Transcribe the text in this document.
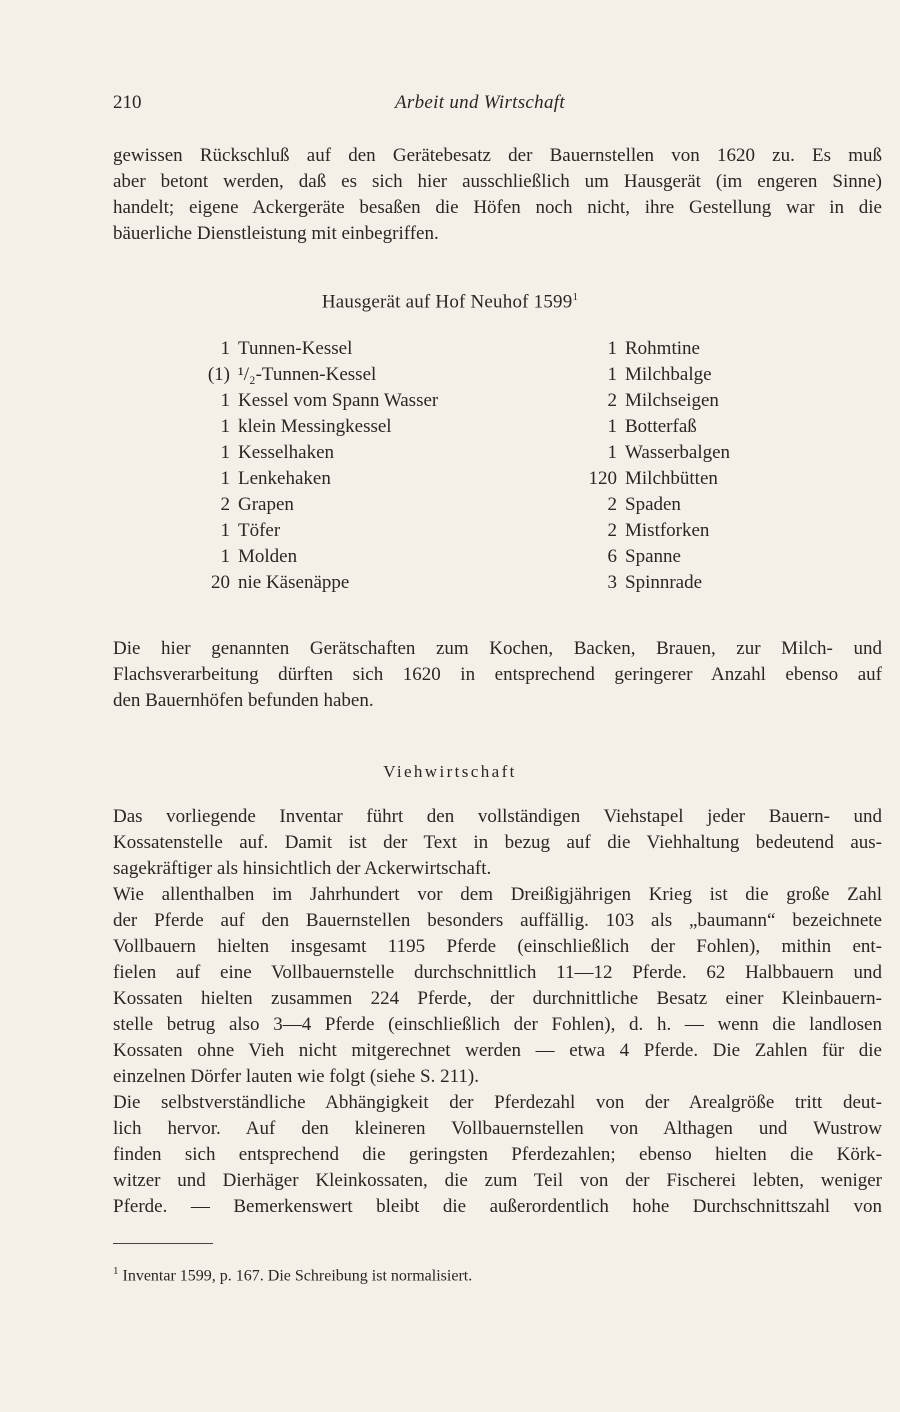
210	Arbeit und Wirtschaft
gewissen Rückschluß auf den Gerätebesatz der Bauernstellen von 1620 zu. Es muß
aber betont werden, daß es sich hier ausschließlich um Hausgerät (im engeren Sinne)
handelt; eigene Ackergeräte besaßen die Höfen noch nicht, ihre Gestellung war in die
bäuerliche Dienstleistung mit einbegriffen.
Hausgerät auf Hof Neuhof 1599$^1$
1 Tunnen-Kessel
(1) ¹/₂-Tunnen-Kessel
1 Kessel vom Spann Wasser
1 klein Messingkessel
1 Kesselhaken
1 Lenkehaken
2 Grapen
1 Töfer
1 Molden
20 nie Käsenäppe
1 Rohmtine
1 Milchbalge
2 Milchseigen
1 Botterfaß
1 Wasserbalgen
120 Milchbütten
2 Spaden
2 Mistforken
6 Spanne
3 Spinnrade
Die hier genannten Gerätschaften zum Kochen, Backen, Brauen, zur Milch- und
Flachsverarbeitung dürften sich 1620 in entsprechend geringerer Anzahl ebenso auf
den Bauernhöfen befunden haben.
Viehwirtschaft
Das vorliegende Inventar führt den vollständigen Viehstapel jeder Bauern- und
Kossatenstelle auf. Damit ist der Text in bezug auf die Viehhaltung bedeutend aus-
sagekräftiger als hinsichtlich der Ackerwirtschaft.
Wie allenthalben im Jahrhundert vor dem Dreißigjährigen Krieg ist die große Zahl
der Pferde auf den Bauernstellen besonders auffällig. 103 als „baumann“ bezeichnete
Vollbauern hielten insgesamt 1195 Pferde (einschließlich der Fohlen), mithin ent-
fielen auf eine Vollbauernstelle durchschnittlich 11—12 Pferde. 62 Halbbauern und
Kossaten hielten zusammen 224 Pferde, der durchnittliche Besatz einer Kleinbauern-
stelle betrug also 3—4 Pferde (einschließlich der Fohlen), d. h. — wenn die landlosen
Kossaten ohne Vieh nicht mitgerechnet werden — etwa 4 Pferde. Die Zahlen für die
einzelnen Dörfer lauten wie folgt (siehe S. 211).
Die selbstverständliche Abhängigkeit der Pferdezahl von der Arealgröße tritt deut-
lich hervor. Auf den kleineren Vollbauernstellen von Althagen und Wustrow
finden sich entsprechend die geringsten Pferdezahlen; ebenso hielten die Körk-
witzer und Dierhäger Kleinkossaten, die zum Teil von der Fischerei lebten, weniger
Pferde. — Bemerkenswert bleibt die außerordentlich hohe Durchschnittszahl von
$^1$ Inventar 1599, p. 167. Die Schreibung ist normalisiert.
